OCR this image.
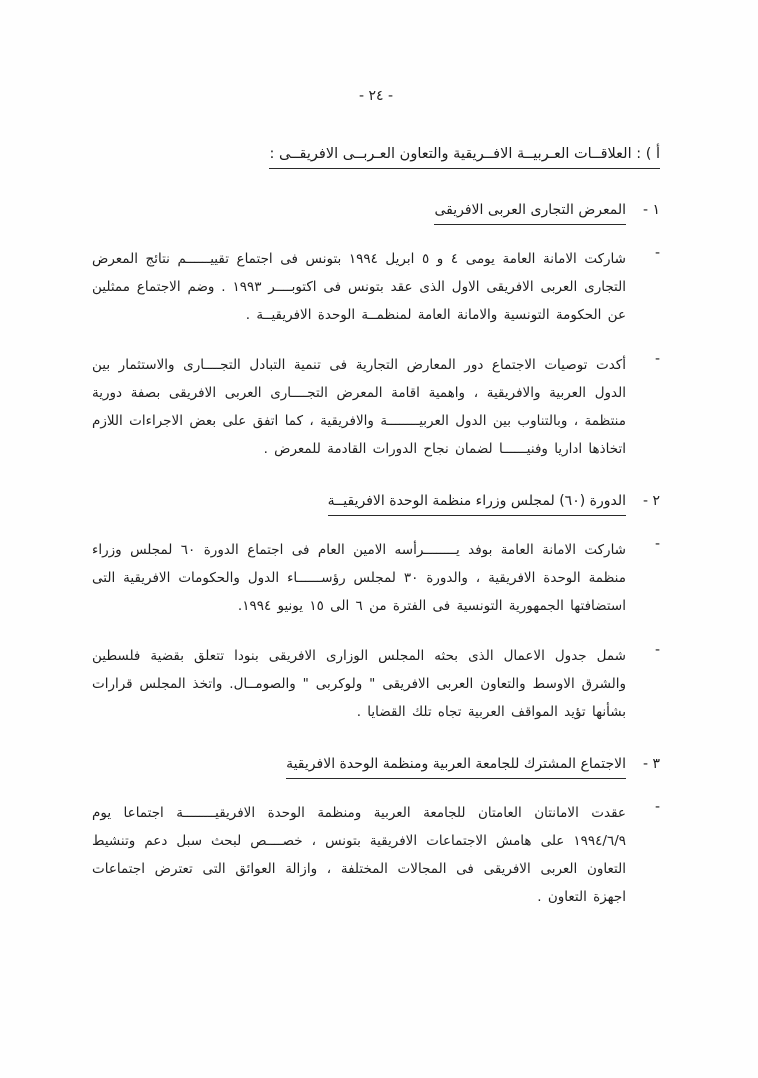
- ٢٤ -
أ ) : العلاقــات العـربيــة الافــريقية والتعاون العـربــى الافريقــى :
١ -
المعرض التجارى العربى الافريقى
-

شاركت الامانة العامة يومى ٤ و ٥ ابريل ١٩٩٤ بتونس فى اجتماع تقييــــــم نتائج المعرض التجارى العربى الافريقى الاول الذى عقد بتونس فى اكتوبــــر ١٩٩٣ . وضم الاجتماع ممثلين عن الحكومة التونسية والامانة العامة لمنظمــة الوحدة الافريقيــة .

-

أكدت توصيات الاجتماع دور المعارض التجارية فى تنمية التبادل التجــــارى والاستثمار بين الدول العربية والافريقية ، واهمية اقامة المعرض التجــــارى العربى الافريقى بصفة دورية منتظمة ، وبالتناوب بين الدول العربيــــــــة والافريقية ، كما اتفق على بعض الاجراءات اللازم اتخاذها اداريا وفنيــــــا لضمان نجاح الدورات القادمة للمعرض .

٢ -
الدورة (٦٠) لمجلس وزراء منظمة الوحدة الافريقيــة
-

شاركت الامانة العامة بوفد يــــــــرأسه الامين العام فى اجتماع الدورة ٦٠ لمجلس وزراء منظمة الوحدة الافريقية ، والدورة ٣٠ لمجلس رؤســــــاء الدول والحكومات الافريقية التى استضافتها الجمهورية التونسية فى الفترة من ٦ الى ١٥ يونيو ١٩٩٤.

-

شمل جدول الاعمال الذى بحثه المجلس الوزارى الافريقى بنودا تتعلق بقضية فلسطين والشرق الاوسط والتعاون العربى الافريقى " ولوكربى " والصومــال. واتخذ المجلس قرارات بشأنها تؤيد المواقف العربية تجاه تلك القضايا .

٣ -
الاجتماع المشترك للجامعة العربية ومنظمة الوحدة الافريقية
-

عقدت الامانتان العامتان للجامعة العربية ومنظمة الوحدة الافريقيــــــــة اجتماعا يوم ١٩٩٤/٦/٩ على هامش الاجتماعات الافريقية بتونس ، خصــــص لبحث سبل دعم وتنشيط التعاون العربى الافريقى فى المجالات المختلفة ، وازالة العوائق التى تعترض اجتماعات اجهزة التعاون .
